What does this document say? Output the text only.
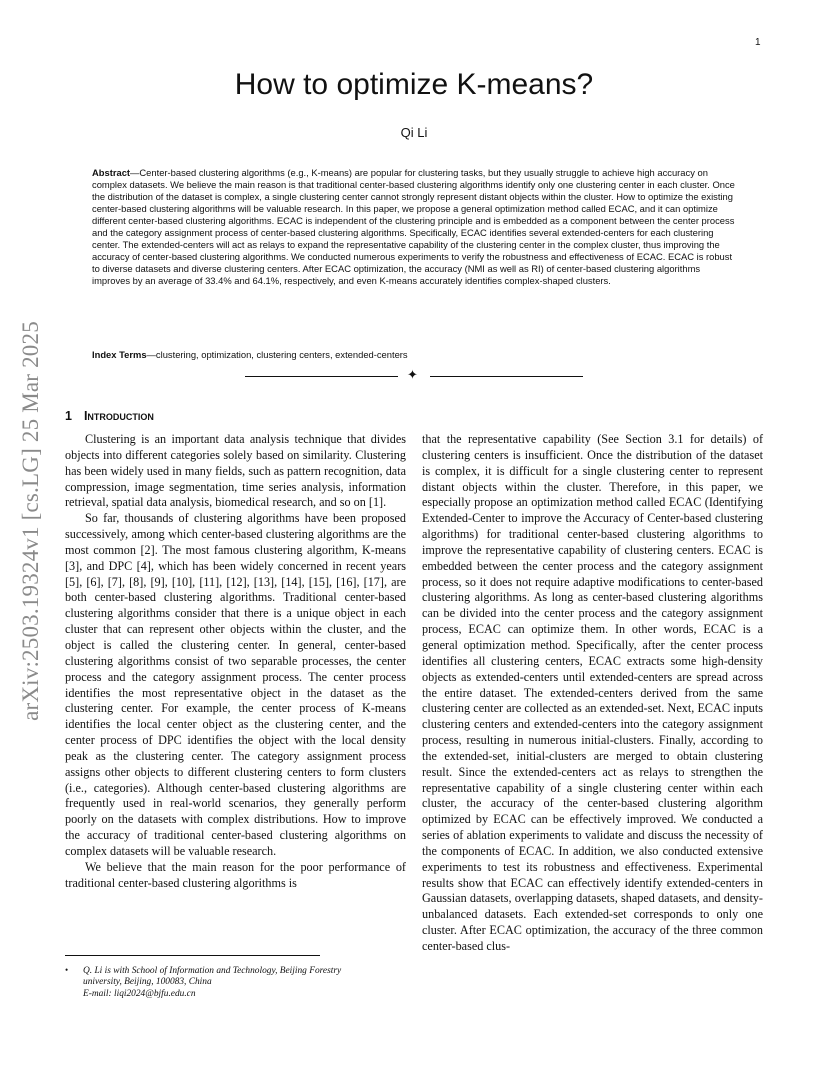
1
arXiv:2503.19324v1 [cs.LG] 25 Mar 2025
How to optimize K-means?
Qi Li

Abstract—Center-based clustering algorithms (e.g., K-means) are popular for clustering tasks, but they usually struggle to achieve high accuracy on complex datasets. We believe the main reason is that traditional center-based clustering algorithms identify only one clustering center in each cluster. Once the distribution of the dataset is complex, a single clustering center cannot strongly represent distant objects within the cluster. How to optimize the existing center-based clustering algorithms will be valuable research. In this paper, we propose a general optimization method called ECAC, and it can optimize different center-based clustering algorithms. ECAC is independent of the clustering principle and is embedded as a component between the center process and the category assignment process of center-based clustering algorithms. Specifically, ECAC identifies several extended-centers for each clustering center. The extended-centers will act as relays to expand the representative capability of the clustering center in the complex cluster, thus improving the accuracy of center-based clustering algorithms. We conducted numerous experiments to verify the robustness and effectiveness of ECAC. ECAC is robust to diverse datasets and diverse clustering centers. After ECAC optimization, the accuracy (NMI as well as RI) of center-based clustering algorithms improves by an average of 33.4% and 64.1%, respectively, and even K-means accurately identifies complex-shaped clusters.

Index Terms—clustering, optimization, clustering centers, extended-centers

✦
1 Introduction

Clustering is an important data analysis technique that divides objects into different categories solely based on similarity. Clustering has been widely used in many fields, such as pattern recognition, data compression, image segmentation, time series analysis, information retrieval, spatial data analysis, biomedical research, and so on [1].

So far, thousands of clustering algorithms have been proposed successively, among which center-based clustering algorithms are the most common [2]. The most famous clustering algorithm, K-means [3], and DPC [4], which has been widely concerned in recent years [5], [6], [7], [8], [9], [10], [11], [12], [13], [14], [15], [16], [17], are both center-based clustering algorithms. Traditional center-based clustering algorithms consider that there is a unique object in each cluster that can represent other objects within the cluster, and the object is called the clustering center. In general, center-based clustering algorithms consist of two separable processes, the center process and the category assignment process. The center process identifies the most representative object in the dataset as the clustering center. For example, the center process of K-means identifies the local center object as the clustering center, and the center process of DPC identifies the object with the local density peak as the clustering center. The category assignment process assigns other objects to different clustering centers to form clusters (i.e., categories). Although center-based clustering algorithms are frequently used in real-world scenarios, they generally perform poorly on the datasets with complex distributions. How to improve the accuracy of traditional center-based clustering algorithms on complex datasets will be valuable research.

We believe that the main reason for the poor performance of traditional center-based clustering algorithms is

that the representative capability (See Section 3.1 for details) of clustering centers is insufficient. Once the distribution of the dataset is complex, it is difficult for a single clustering center to represent distant objects within the cluster. Therefore, in this paper, we especially propose an optimization method called ECAC (Identifying Extended-Center to improve the Accuracy of Center-based clustering algorithms) for traditional center-based clustering algorithms to improve the representative capability of clustering centers. ECAC is embedded between the center process and the category assignment process, so it does not require adaptive modifications to center-based clustering algorithms. As long as center-based clustering algorithms can be divided into the center process and the category assignment process, ECAC can optimize them. In other words, ECAC is a general optimization method. Specifically, after the center process identifies all clustering centers, ECAC extracts some high-density objects as extended-centers until extended-centers are spread across the entire dataset. The extended-centers derived from the same clustering center are collected as an extended-set. Next, ECAC inputs clustering centers and extended-centers into the category assignment process, resulting in numerous initial-clusters. Finally, according to the extended-set, initial-clusters are merged to obtain clustering result. Since the extended-centers act as relays to strengthen the representative capability of a single clustering center within each cluster, the accuracy of the center-based clustering algorithm optimized by ECAC can be effectively improved. We conducted a series of ablation experiments to validate and discuss the necessity of the components of ECAC. In addition, we also conducted extensive experiments to test its robustness and effectiveness. Experimental results show that ECAC can effectively identify extended-centers in Gaussian datasets, overlapping datasets, shaped datasets, and density-unbalanced datasets. Each extended-set corresponds to only one cluster. After ECAC optimization, the accuracy of the three common center-based clus-

•	Q. Li is with School of Information and Technology, Beijing Forestry
university, Beijing, 100083, China
E-mail: liqi2024@bjfu.edu.cn
